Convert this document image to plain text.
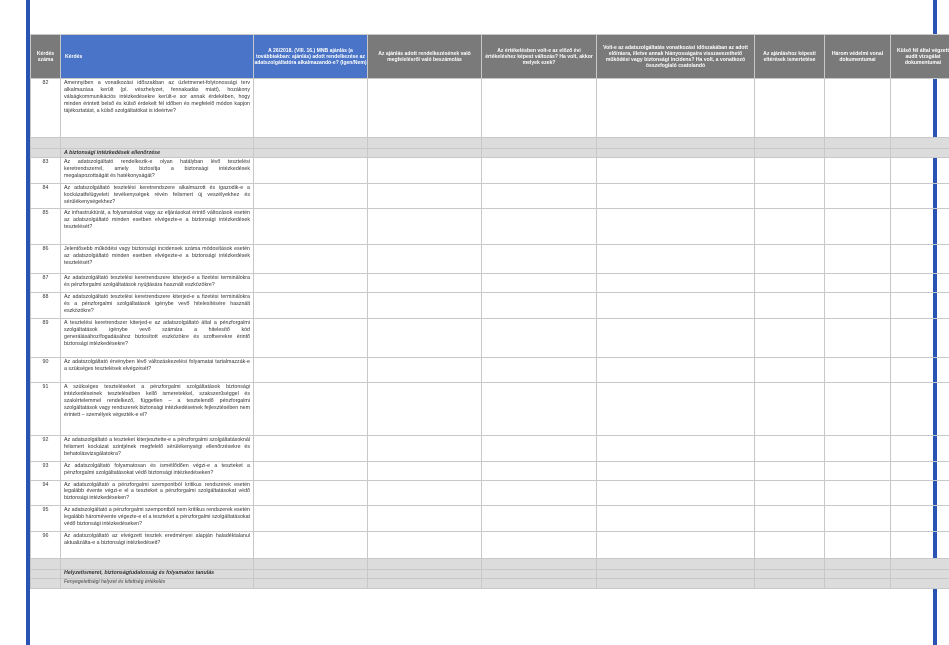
Kérdés száma	Kérdés	A 26/2018. (VIII. 16.) MNB ajánlás (a továbbiakban: ajánlás) adott rendelkezése az adatszolgáltatóra alkalmazandó-e? (Igen/Nem)	Az ajánlás adott rendelkezésének való megfelelésről való beszámolás	Az értékelésben volt-e az előző évi értékeléshez képest változás? Ha volt, akkor melyek ezek?	Volt-e az adatszolgáltatás vonatkozási időszakában az adott előírásra, illetve annak hiányosságaira visszavezethető működési vagy biztonsági incidens? Ha volt, a vonatkozó összefoglaló csatolandó	Az ajánláshoz képesti eltérések ismertetése	Három védelmi vonal dokumentumai	Külső fél által végzett audit vizsgálat dokumentumai
82	Amennyiben a vonatkozási időszakban az üzletmenet-folytonossági terv alkalmazása került (pl. vészhelyzet, fennakadás miatt), hozákony válságkommunikációs intézkedésekre került-e sor annak érdekében, hogy minden érintett belső és külső érdekelt fél időben és megfelelő módon kapjon tájékoztatást, a külső szolgáltatókat is ideértve?							

	A biztonsági intézkedések ellenőrzése							
83	Az adatszolgáltató rendelkezik-e olyan hatályban lévő tesztelési keretrendszerrel, amely biztosítja a biztonsági intézkedések megalapozottságát és hatékonyságát?							
84	Az adatszolgáltató tesztelési keretrendszere alkalmazott és igazodik-e a kockázatfelügyeleti tevékenységek révén felismert új veszélyekhez és sérülékenységekhez?							
85	Az infrastruktúrát, a folyamatokat vagy az eljárásokat érintő változások esetén az adatszolgáltató minden esetben elvégezte-e a biztonsági intézkedések tesztelését?							
86	Jelentősebb működési vagy biztonsági incidensek száma módosítások esetén az adatszolgáltató minden esetben elvégezte-e a biztonsági intézkedések tesztelését?							
87	Az adatszolgáltató tesztelési keretrendszere kiterjed-e a fizetési terminálokra és pénzforgalmi szolgáltatások nyújtására használt eszközökre?							
88	Az adatszolgáltató tesztelési keretrendszere kiterjed-e a fizetési terminálokra és a pénzforgalmi szolgáltatások igénybe vevő hitelesítésére használt eszközökre?							
89	A tesztelési keretrendszer kiterjed-e az adatszolgáltató által a pénzforgalmi szolgáltatások igénybe vevő számára a hitelesítő kód generálásához/fogadásához biztosított eszközökre és szoftverekre érintő biztonsági intézkedésekre?							
90	Az adatszolgáltató érvényben lévő változáskezelési folyamatai tartalmazzák-e a szükséges tesztelések elvégzését?							
91	A szükséges teszteléseket a pénzforgalmi szolgáltatások biztonsági intézkedéseinek tesztelésében kellő ismeretekkel, szakszerűséggel és szakértelemmel rendelkező, független – a tesztelendő pénzforgalmi szolgáltatások vagy rendszerek biztonsági intézkedéseinek fejlesztésében nem érintett – személyek végezték-e el?							
92	Az adatszolgáltató a teszteket kiterjesztette-e a pénzforgalmi szolgáltatásoknál felismert kockázat szintjének megfelelő sérülékenységi ellenőrzésekre és behatolásvizsgálatokra?							
93	Az adatszolgáltató folyamatosan és ismétlődően végzi-e a teszteket a pénzforgalmi szolgáltatásokat védő biztonsági intézkedéseken?							
94	Az adatszolgáltató a pénzforgalmi szempontból kritikus rendszerek esetén legalább évente végzi-e el a teszteket a pénzforgalmi szolgáltatásokat védő biztonsági intézkedéseken?							
95	Az adatszolgáltató a pénzforgalmi szempontból nem kritikus rendszerek esetén legalább háromévente végezte-e el a teszteket a pénzforgalmi szolgáltatásokat védő biztonsági intézkedéseken?							
96	Az adatszolgáltató az elvégzett tesztek eredményei alapján haladéktalanul aktualizálta-e a biztonsági intézkedéseit?							

	Helyzetismeret, biztonságtudatosság és folyamatos tanulás							
	Fenyegetettségi helyzet és kitettség értékelés							
